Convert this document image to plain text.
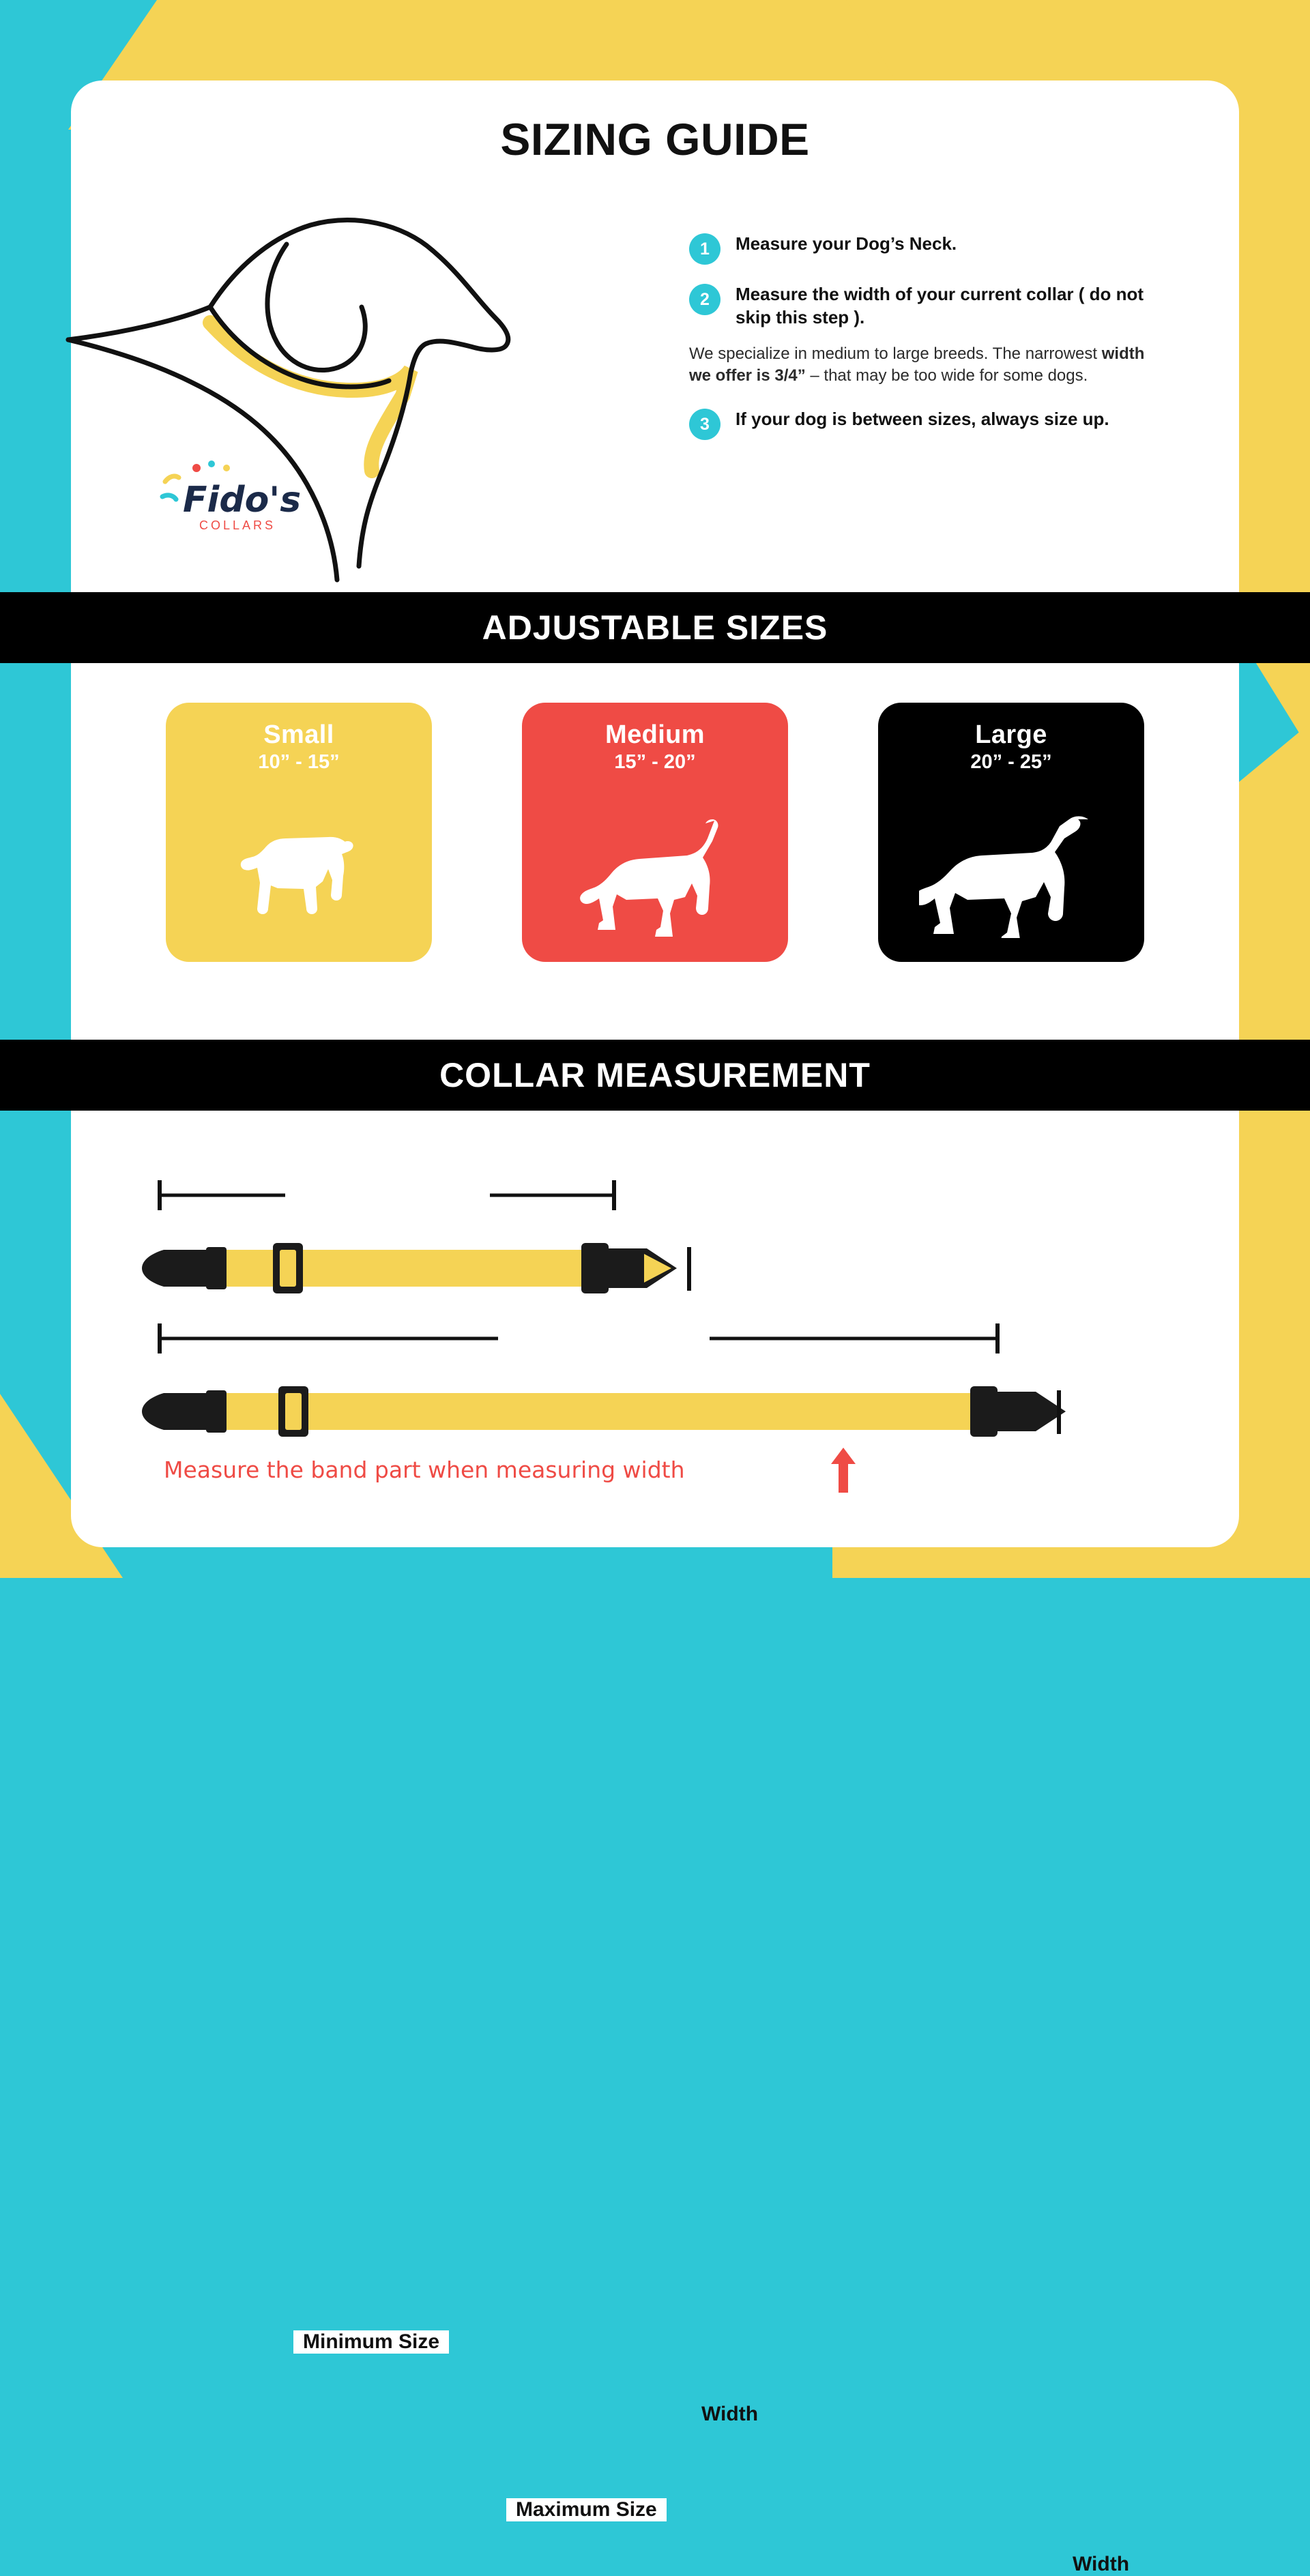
SIZING GUIDE
Fido's
COLLARS
1	Measure your Dog’s Neck.
2	Measure the width of your current collar ( do not skip this step ).
We specialize in medium to large breeds. The narrowest width we offer is 3/4” – that may be too wide for some dogs.
3	If your dog is between sizes, always size up.
ADJUSTABLE SIZES
Small
10” - 15”
Medium
15” - 20”
Large
20” - 25”
COLLAR MEASUREMENT
Minimum Size
Width
Maximum Size
Width
Measure the band part when measuring width
